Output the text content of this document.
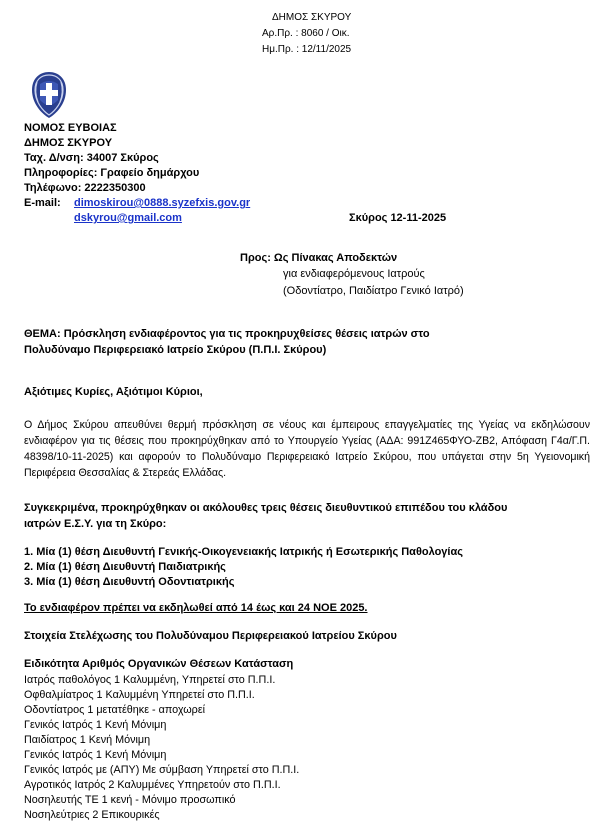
ΔΗΜΟΣ ΣΚΥΡΟΥ
Αρ.Πρ. : 8060 / Οικ.
Ημ.Πρ. : 12/11/2025
ΝΟΜΟΣ ΕΥΒΟΙΑΣ
ΔΗΜΟΣ ΣΚΥΡΟΥ
Ταχ. Δ/νση: 34007 Σκύρος
Πληροφορίες: Γραφείο δημάρχου
Τηλέφωνο: 2222350300
E-mail: dimoskirou@0888.syzefxis.gov.gr
dskyrou@gmail.com	Σκύρος 12-11-2025
Προς: Ως Πίνακας Αποδεκτών
για ενδιαφερόμενους Ιατρούς
(Οδοντίατρο, Παιδίατρο Γενικό Ιατρό)
ΘΕΜΑ: Πρόσκληση ενδιαφέροντος για τις προκηρυχθείσες θέσεις ιατρών στο
Πολυδύναμο Περιφερειακό Ιατρείο Σκύρου (Π.Π.Ι. Σκύρου)
Αξιότιμες Κυρίες, Αξιότιμοι Κύριοι,
Ο Δήμος Σκύρου απευθύνει θερμή πρόσκληση σε νέους και έμπειρους επαγγελματίες της Υγείας να εκδηλώσουν ενδιαφέρον για τις θέσεις που προκηρύχθηκαν από το Υπουργείο Υγείας (ΑΔΑ: 991Ζ465ΦΥΟ-ΖΒ2, Απόφαση Γ4α/Γ.Π. 48398/10-11-2025) και αφορούν το Πολυδύναμο Περιφερειακό Ιατρείο Σκύρου, που υπάγεται στην 5η Υγειονομική Περιφέρεια Θεσσαλίας & Στερεάς Ελλάδας.
Συγκεκριμένα, προκηρύχθηκαν οι ακόλουθες τρεις θέσεις διευθυντικού επιπέδου του κλάδου
ιατρών Ε.Σ.Υ. για τη Σκύρο:
1. Μία (1) θέση Διευθυντή Γενικής-Οικογενειακής Ιατρικής ή Εσωτερικής Παθολογίας
2. Μία (1) θέση Διευθυντή Παιδιατρικής
3. Μία (1) θέση Διευθυντή Οδοντιατρικής
Το ενδιαφέρον πρέπει να εκδηλωθεί από 14 έως και 24 ΝΟΕ 2025.
Στοιχεία Στελέχωσης του Πολυδύναμου Περιφερειακού Ιατρείου Σκύρου
Ειδικότητα Αριθμός Οργανικών Θέσεων Κατάσταση
Ιατρός παθολόγος 1 Καλυμμένη, Υπηρετεί στο Π.Π.Ι.
Οφθαλμίατρος 1 Καλυμμένη Υπηρετεί στο Π.Π.Ι.
Οδοντίατρος 1 μετατέθηκε - αποχωρεί
Γενικός Ιατρός 1 Κενή Μόνιμη
Παιδίατρος 1 Κενή Μόνιμη
Γενικός Ιατρός 1 Κενή Μόνιμη
Γενικός Ιατρός με (ΑΠΥ) Με σύμβαση Υπηρετεί στο Π.Π.Ι.
Αγροτικός Ιατρός 2 Καλυμμένες Υπηρετούν στο Π.Π.Ι.
Νοσηλευτής ΤΕ 1 κενή - Μόνιμο προσωπικό
Νοσηλεύτριες 2 Επικουρικές
